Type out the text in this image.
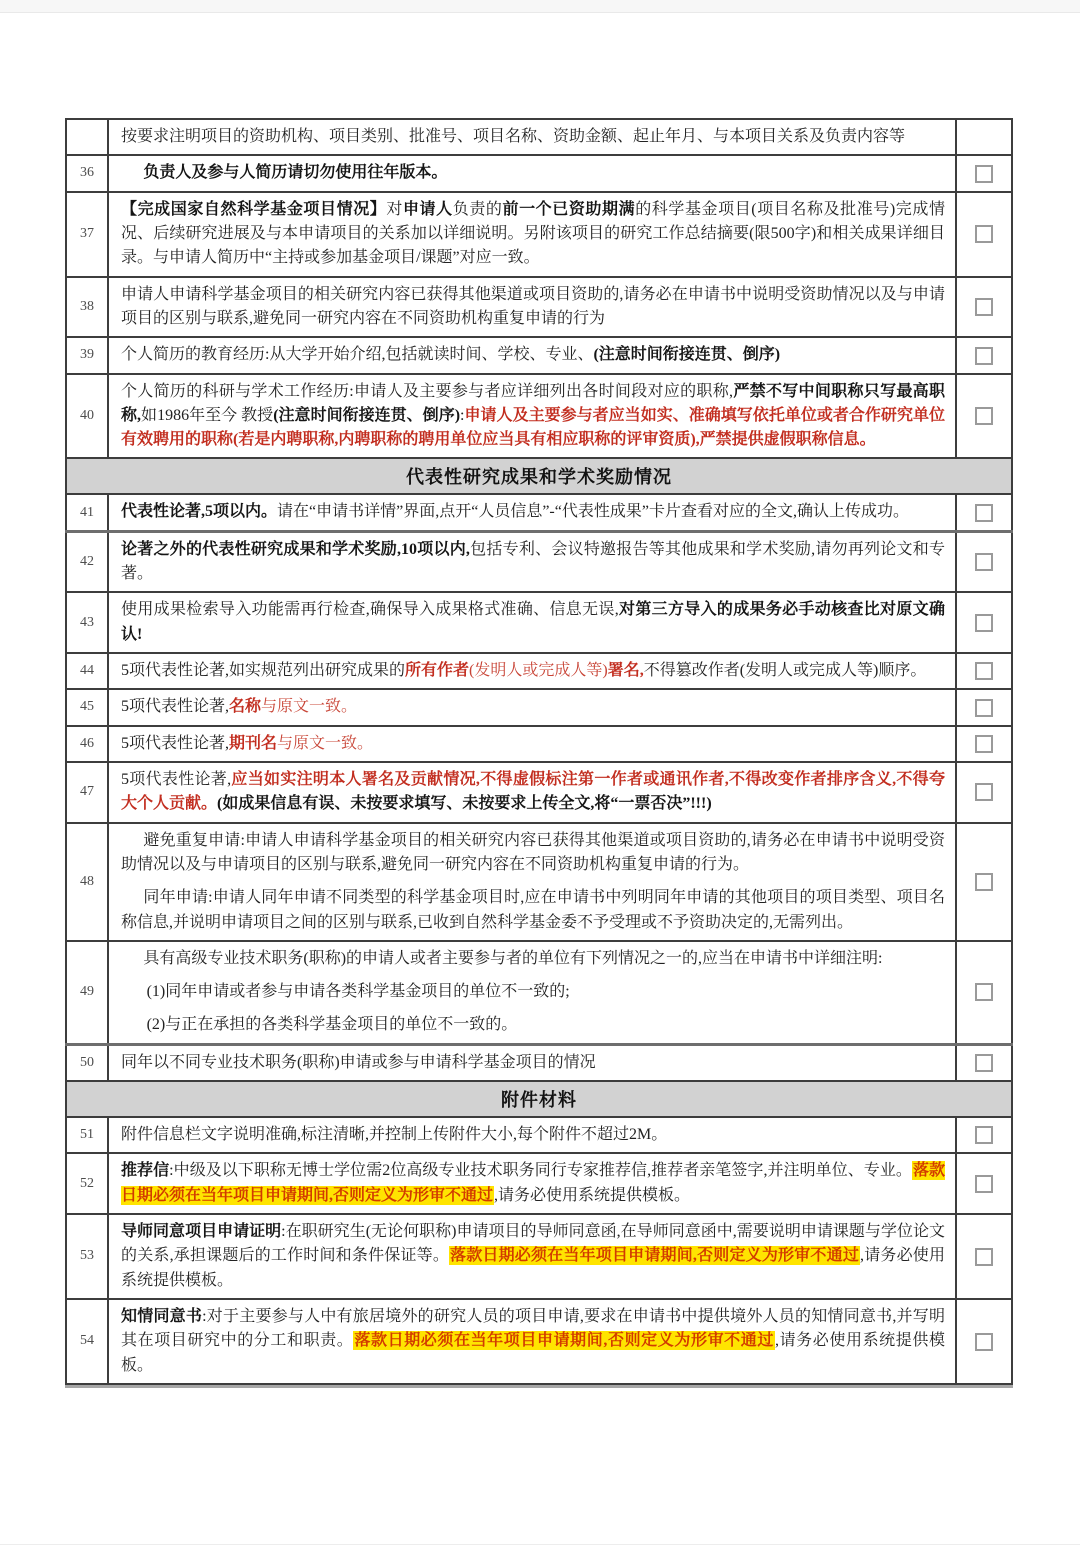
	按要求注明项目的资助机构、项目类别、批准号、项目名称、资助金额、起止年月、与本项目关系及负责内容等	

36	负责人及参与人简历请切勿使用往年版本。	

37	【完成国家自然科学基金项目情况】对申请人负责的前一个已资助期满的科学基金项目(项目名称及批准号)完成情况、后续研究进展及与本申请项目的关系加以详细说明。另附该项目的研究工作总结摘要(限500字)和相关成果详细目录。与申请人简历中“主持或参加基金项目/课题”对应一致。	

38	申请人申请科学基金项目的相关研究内容已获得其他渠道或项目资助的,请务必在申请书中说明受资助情况以及与申请项目的区别与联系,避免同一研究内容在不同资助机构重复申请的行为	

39	个人简历的教育经历:从大学开始介绍,包括就读时间、学校、专业、(注意时间衔接连贯、倒序)	

40	个人简历的科研与学术工作经历:申请人及主要参与者应详细列出各时间段对应的职称,严禁不写中间职称只写最高职称,如1986年至今 教授(注意时间衔接连贯、倒序):申请人及主要参与者应当如实、准确填写依托单位或者合作研究单位有效聘用的职称(若是内聘职称,内聘职称的聘用单位应当具有相应职称的评审资质),严禁提供虚假职称信息。	

代表性研究成果和学术奖励情况		
41	代表性论著,5项以内。请在“申请书详情”界面,点开“人员信息”-“代表性成果”卡片查看对应的全文,确认上传成功。	

42	论著之外的代表性研究成果和学术奖励,10项以内,包括专利、会议特邀报告等其他成果和学术奖励,请勿再列论文和专著。	

43	使用成果检索导入功能需再行检查,确保导入成果格式准确、信息无误,对第三方导入的成果务必手动核查比对原文确认!	

44	5项代表性论著,如实规范列出研究成果的所有作者(发明人或完成人等)署名,不得篡改作者(发明人或完成人等)顺序。	

45	5项代表性论著,名称与原文一致。	

46	5项代表性论著,期刊名与原文一致。	

47	5项代表性论著,应当如实注明本人署名及贡献情况,不得虚假标注第一作者或通讯作者,不得改变作者排序含义,不得夸大个人贡献。(如成果信息有误、未按要求填写、未按要求上传全文,将“一票否决”!!!)	

48	避免重复申请:申请人申请科学基金项目的相关研究内容已获得其他渠道或项目资助的,请务必在申请书中说明受资助情况以及与申请项目的区别与联系,避免同一研究内容在不同资助机构重复申请的行为。
同年申请:申请人同年申请不同类型的科学基金项目时,应在申请书中列明同年申请的其他项目的项目类型、项目名称信息,并说明申请项目之间的区别与联系,已收到自然科学基金委不予受理或不予资助决定的,无需列出。	

49	具有高级专业技术职务(职称)的申请人或者主要参与者的单位有下列情况之一的,应当在申请书中详细注明:
(1)同年申请或者参与申请各类科学基金项目的单位不一致的;
(2)与正在承担的各类科学基金项目的单位不一致的。	

50	同年以不同专业技术职务(职称)申请或参与申请科学基金项目的情况	

附件材料		
51	附件信息栏文字说明准确,标注清晰,并控制上传附件大小,每个附件不超过2M。	

52	推荐信:中级及以下职称无博士学位需2位高级专业技术职务同行专家推荐信,推荐者亲笔签字,并注明单位、专业。落款日期必须在当年项目申请期间,否则定义为形审不通过,请务必使用系统提供模板。	

53	导师同意项目申请证明:在职研究生(无论何职称)申请项目的导师同意函,在导师同意函中,需要说明申请课题与学位论文的关系,承担课题后的工作时间和条件保证等。落款日期必须在当年项目申请期间,否则定义为形审不通过,请务必使用系统提供模板。	

54	知情同意书:对于主要参与人中有旅居境外的研究人员的项目申请,要求在申请书中提供境外人员的知情同意书,并写明其在项目研究中的分工和职责。落款日期必须在当年项目申请期间,否则定义为形审不通过,请务必使用系统提供模板。	
